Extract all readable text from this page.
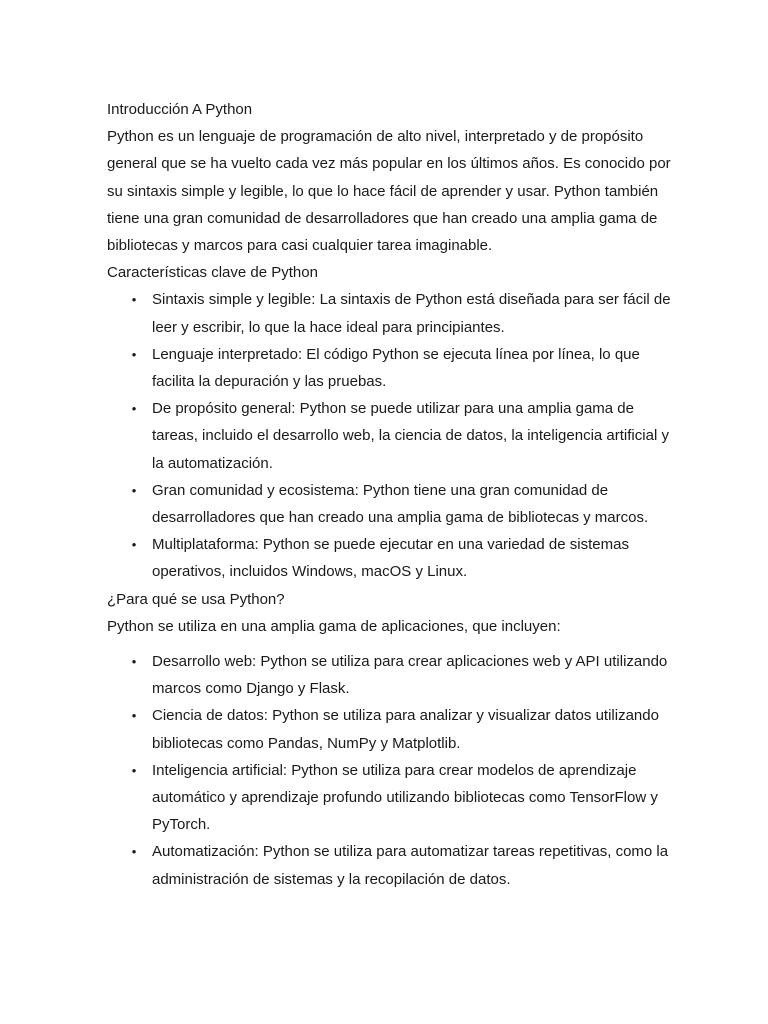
Introducción A Python

Python es un lenguaje de programación de alto nivel, interpretado y de propósito general que se ha vuelto cada vez más popular en los últimos años. Es conocido por su sintaxis simple y legible, lo que lo hace fácil de aprender y usar. Python también tiene una gran comunidad de desarrolladores que han creado una amplia gama de bibliotecas y marcos para casi cualquier tarea imaginable.

Características clave de Python
• Sintaxis simple y legible: La sintaxis de Python está diseñada para ser fácil de leer y escribir, lo que la hace ideal para principiantes.
• Lenguaje interpretado: El código Python se ejecuta línea por línea, lo que facilita la depuración y las pruebas.
• De propósito general: Python se puede utilizar para una amplia gama de tareas, incluido el desarrollo web, la ciencia de datos, la inteligencia artificial y la automatización.
• Gran comunidad y ecosistema: Python tiene una gran comunidad de desarrolladores que han creado una amplia gama de bibliotecas y marcos.
• Multiplataforma: Python se puede ejecutar en una variedad de sistemas operativos, incluidos Windows, macOS y Linux.
¿Para qué se usa Python?

Python se utiliza en una amplia gama de aplicaciones, que incluyen:

• Desarrollo web: Python se utiliza para crear aplicaciones web y API utilizando marcos como Django y Flask.
• Ciencia de datos: Python se utiliza para analizar y visualizar datos utilizando bibliotecas como Pandas, NumPy y Matplotlib.
• Inteligencia artificial: Python se utiliza para crear modelos de aprendizaje automático y aprendizaje profundo utilizando bibliotecas como TensorFlow y PyTorch.
• Automatización: Python se utiliza para automatizar tareas repetitivas, como la administración de sistemas y la recopilación de datos.
